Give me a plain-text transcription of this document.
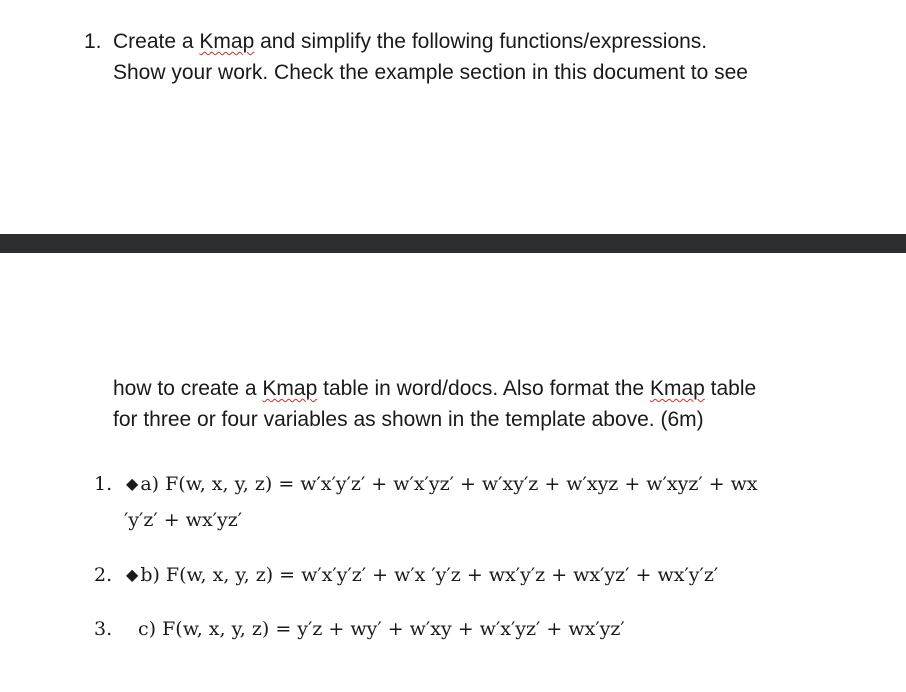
1. Create a Kmap and simplify the following functions/expressions.
Show your work. Check the example section in this document to see
how to create a Kmap table in word/docs. Also format the Kmap table
for three or four variables as shown in the template above. (6m)
1. ◆ a) F(w, x, y, z) = w′x′y′z′ + w′x′yz′ + w′xy′z + w′xyz + w′xyz′ + wx
′y′z′ + wx′yz′
2. ◆ b) F(w, x, y, z) = w′x′y′z′ + w′x ′y′z + wx′y′z + wx′yz′ + wx′y′z′
3. c) F(w, x, y, z) = y′z + wy′ + w′xy + w′x′yz′ + wx′yz′
